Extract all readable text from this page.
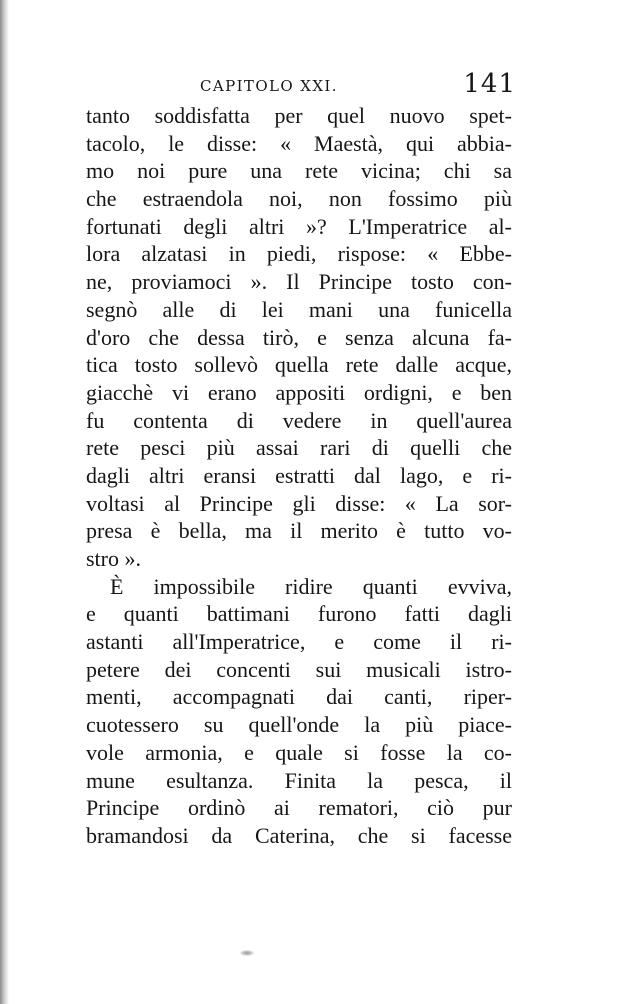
CAPITOLO XXI.	141
tanto soddisfatta per quel nuovo spet-
tacolo, le disse: « Maestà, qui abbia-
mo noi pure una rete vicina; chi sa
che estraendola noi, non fossimo più
fortunati degli altri »? L'Imperatrice al-
lora alzatasi in piedi, rispose: « Ebbe-
ne, proviamoci ». Il Principe tosto con-
segnò alle di lei mani una funicella
d'oro che dessa tirò, e senza alcuna fa-
tica tosto sollevò quella rete dalle acque,
giacchè vi erano appositi ordigni, e ben
fu contenta di vedere in quell'aurea
rete pesci più assai rari di quelli che
dagli altri eransi estratti dal lago, e ri-
voltasi al Principe gli disse: « La sor-
presa è bella, ma il merito è tutto vo-
stro ».
È impossibile ridire quanti evviva,
e quanti battimani furono fatti dagli
astanti all'Imperatrice, e come il ri-
petere dei concenti sui musicali istro-
menti, accompagnati dai canti, riper-
cuotessero su quell'onde la più piace-
vole armonia, e quale si fosse la co-
mune esultanza. Finita la pesca, il
Principe ordinò ai rematori, ciò pur
bramandosi da Caterina, che si facesse
